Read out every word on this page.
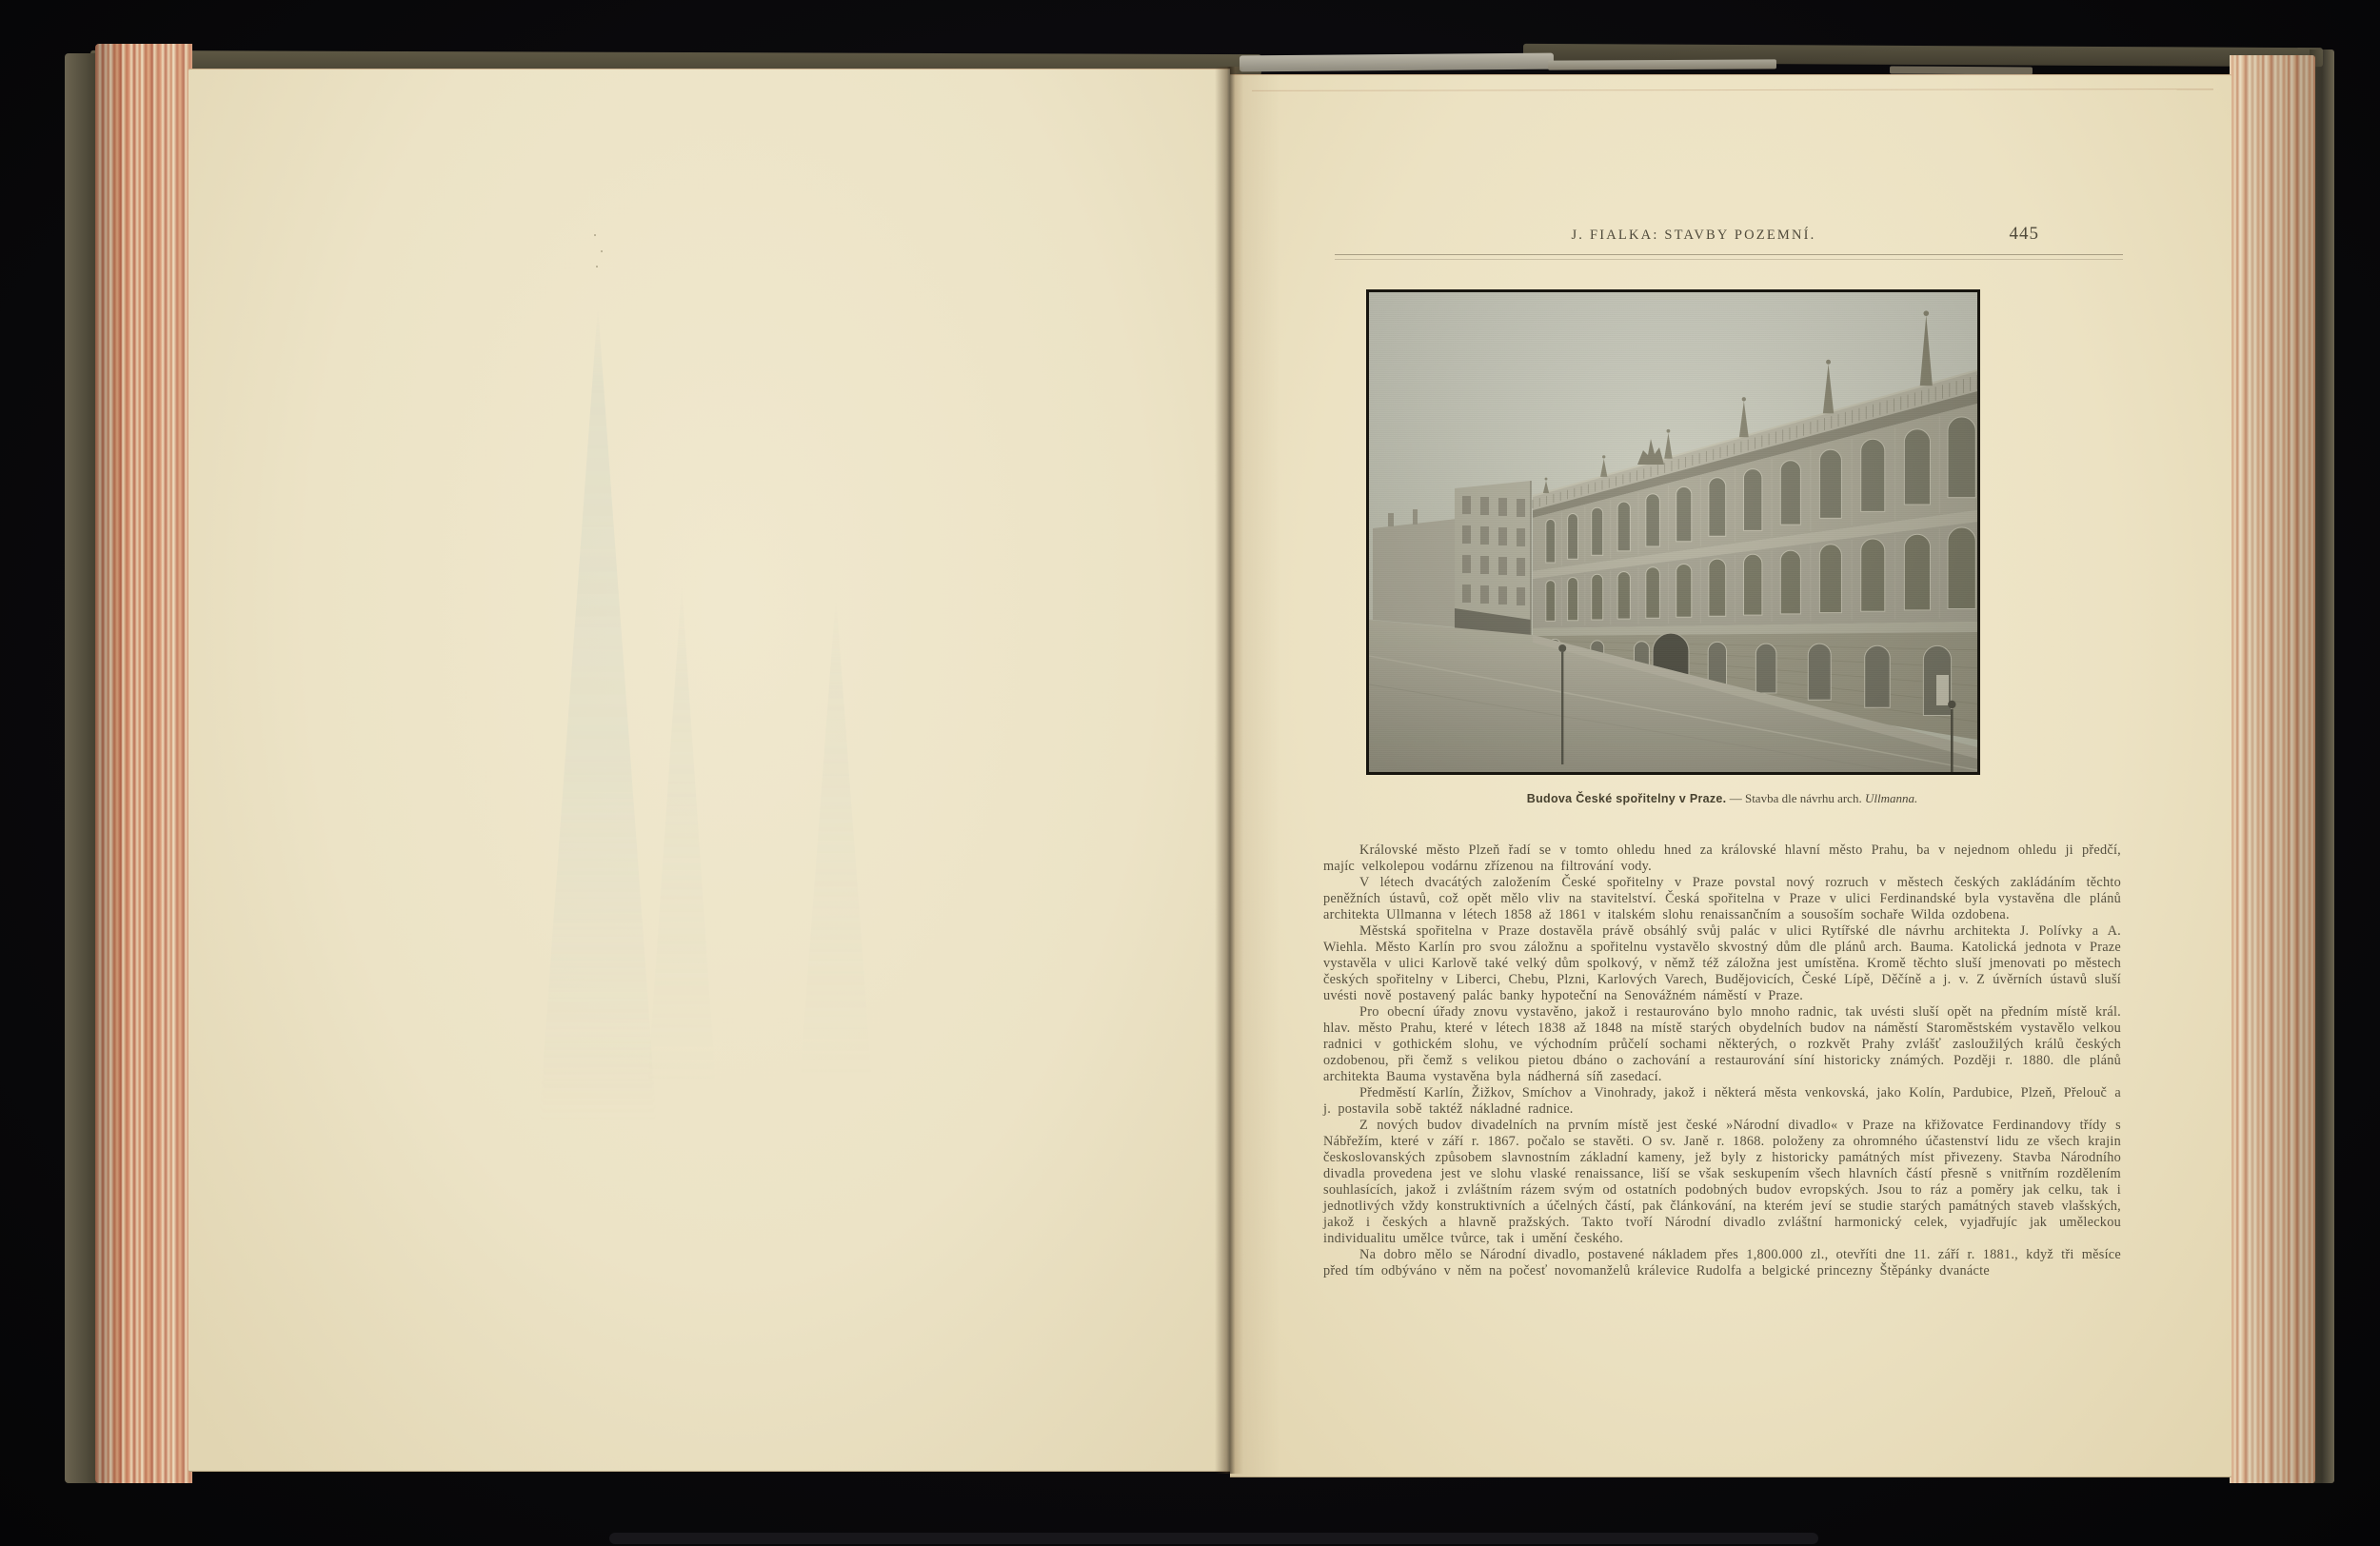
J. FIALKA: STAVBY POZEMNÍ.	445
Budova České spořitelny v Praze. — Stavba dle návrhu arch. Ullmanna.

Královské město Plzeň řadí se v tomto ohledu hned za královské hlavní město Prahu, ba v nejednom ohledu ji předčí, majíc velkolepou vodárnu zřízenou na filtrování vody.

V létech dvacátých založením České spořitelny v Praze povstal nový rozruch v městech českých zakládáním těchto peněžních ústavů, což opět mělo vliv na stavitelství. Česká spořitelna v Praze v ulici Ferdinandské byla vystavěna dle plánů architekta Ullmanna v létech 1858 až 1861 v italském slohu renaissančním a sousoším sochaře Wilda ozdobena.

Městská spořitelna v Praze dostavěla právě obsáhlý svůj palác v ulici Rytířské dle návrhu architekta J. Polívky a A. Wiehla. Město Karlín pro svou záložnu a spořitelnu vystavělo skvostný dům dle plánů arch. Bauma. Katolická jednota v Praze vystavěla v ulici Karlově také velký dům spolkový, v němž též záložna jest umístěna. Kromě těchto sluší jmenovati po městech českých spořitelny v Liberci, Chebu, Plzni, Karlových Varech, Budějovicích, České Lípě, Děčíně a j. v. Z úvěrních ústavů sluší uvésti nově postavený palác banky hypoteční na Senovážném náměstí v Praze.

Pro obecní úřady znovu vystavěno, jakož i restaurováno bylo mnoho radnic, tak uvésti sluší opět na předním místě král. hlav. město Prahu, které v létech 1838 až 1848 na místě starých obydelních budov na náměstí Staroměstském vystavělo velkou radnici v gothickém slohu, ve východním průčelí sochami některých, o rozkvět Prahy zvlášť zasloužilých králů českých ozdobenou, při čemž s velikou pietou dbáno o zachování a restaurování síní historicky známých. Později r. 1880. dle plánů architekta Bauma vystavěna byla nádherná síň zasedací.

Předměstí Karlín, Žižkov, Smíchov a Vinohrady, jakož i některá města venkovská, jako Kolín, Pardubice, Plzeň, Přelouč a j. postavila sobě taktéž nákladné radnice.

Z nových budov divadelních na prvním místě jest české »Národní divadlo« v Praze na křižovatce Ferdinandovy třídy s Nábřežím, které v září r. 1867. počalo se stavěti. O sv. Janě r. 1868. položeny za ohromného účastenství lidu ze všech krajin českoslovanských způsobem slavnostním základní kameny, jež byly z historicky památných míst přivezeny. Stavba Národního divadla provedena jest ve slohu vlaské renaissance, liší se však seskupením všech hlavních částí přesně s vnitřním rozdělením souhlasících, jakož i zvláštním rázem svým od ostatních podobných budov evropských. Jsou to ráz a poměry jak celku, tak i jednotlivých vždy konstruktivních a účelných částí, pak článkování, na kterém jeví se studie starých památných staveb vlašských, jakož i českých a hlavně pražských. Takto tvoří Národní divadlo zvláštní harmonický celek, vyjadřujíc jak uměleckou individualitu umělce tvůrce, tak i umění českého.

Na dobro mělo se Národní divadlo, postavené nákladem přes 1,800.000 zl., otevříti dne 11. září r. 1881., když tři měsíce před tím odbýváno v něm na počesť novomanželů králevice Rudolfa a belgické princezny Štěpánky dvanácte
